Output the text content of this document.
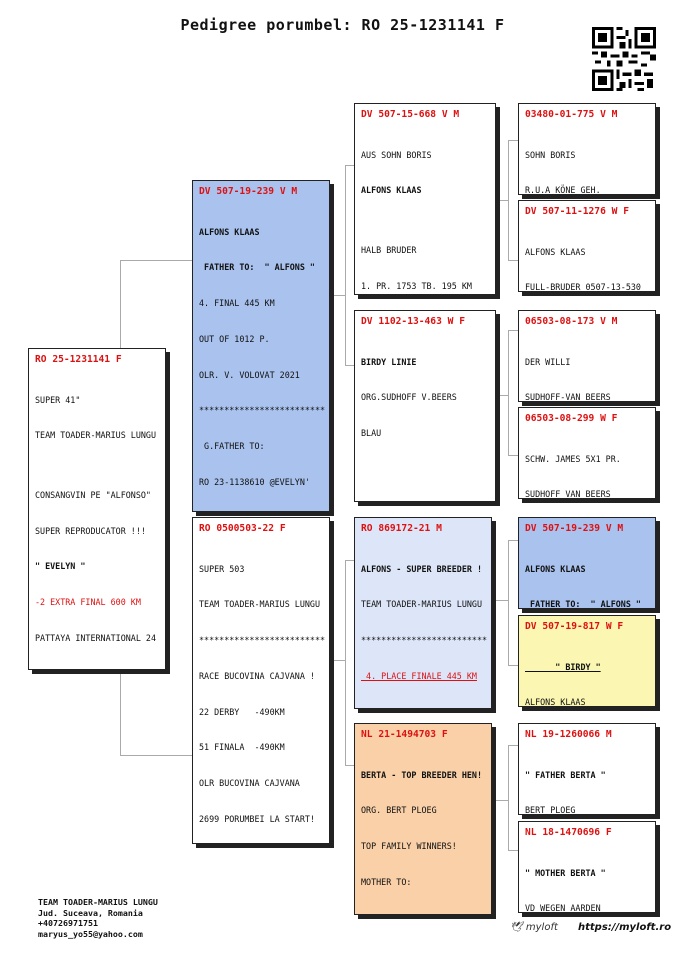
Pedigree porumbel: RO 25-1231141 F
RO 25-1231141 F

SUPER 41"

TEAM TOADER-MARIUS LUNGU

CONSANGVIN PE "ALFONSO"

SUPER REPRODUCATOR !!!

" EVELYN "

-2 EXTRA FINAL 600 KM

PATTAYA INTERNATIONAL 24

DV 507-19-239 V M

ALFONS KLAAS

FATHER TO:  " ALFONS "

4. FINAL 445 KM

OUT OF 1012 P.

OLR. V. VOLOVAT 2021

*************************

G.FATHER TO:

RO 23-1138610 @EVELYN'

RO 0500503-22 F

SUPER 503

TEAM TOADER-MARIUS LUNGU

*************************

RACE BUCOVINA CAJVANA !

22 DERBY   -490KM

51 FINALA  -490KM

OLR BUCOVINA CAJVANA

2699 PORUMBEI LA START!

DV 507-15-668 V M

AUS SOHN BORIS

ALFONS KLAAS

HALB BRUDER

1. PR. 1753 TB. 195 KM

DV 1102-13-463 W F

BIRDY LINIE

ORG.SUDHOFF V.BEERS

BLAU

RO 869172-21 M

ALFONS - SUPER BREEDER !

TEAM TOADER-MARIUS LUNGU

*************************

4. PLACE FINALE 445 KM

NL 21-1494703 F

BERTA - TOP BREEDER HEN!

ORG. BERT PLOEG

TOP FAMILY WINNERS!

MOTHER TO:

03480-01-775 V M

SOHN BORIS

R.U.A KÖNE GEH.

DV 507-11-1276 W F

ALFONS KLAAS

FULL-BRUDER 0507-13-530

06503-08-173 V M

DER WILLI

SUDHOFF-VAN BEERS

06503-08-299 W F

SCHW. JAMES 5X1 PR.

SUDHOFF VAN BEERS

DV 507-19-239 V M

ALFONS KLAAS

FATHER TO:  " ALFONS "

DV 507-19-817 W F

" BIRDY "

ALFONS KLAAS

NL 19-1260066 M

" FATHER BERTA "

BERT PLOEG

NL 18-1470696 F

" MOTHER BERTA "

VD WEGEN AARDEN

TEAM TOADER-MARIUS LUNGU
Jud. Suceava, Romania
+40726971751
maryus_yo55@yahoo.com
🕊 myloft https://myloft.ro
